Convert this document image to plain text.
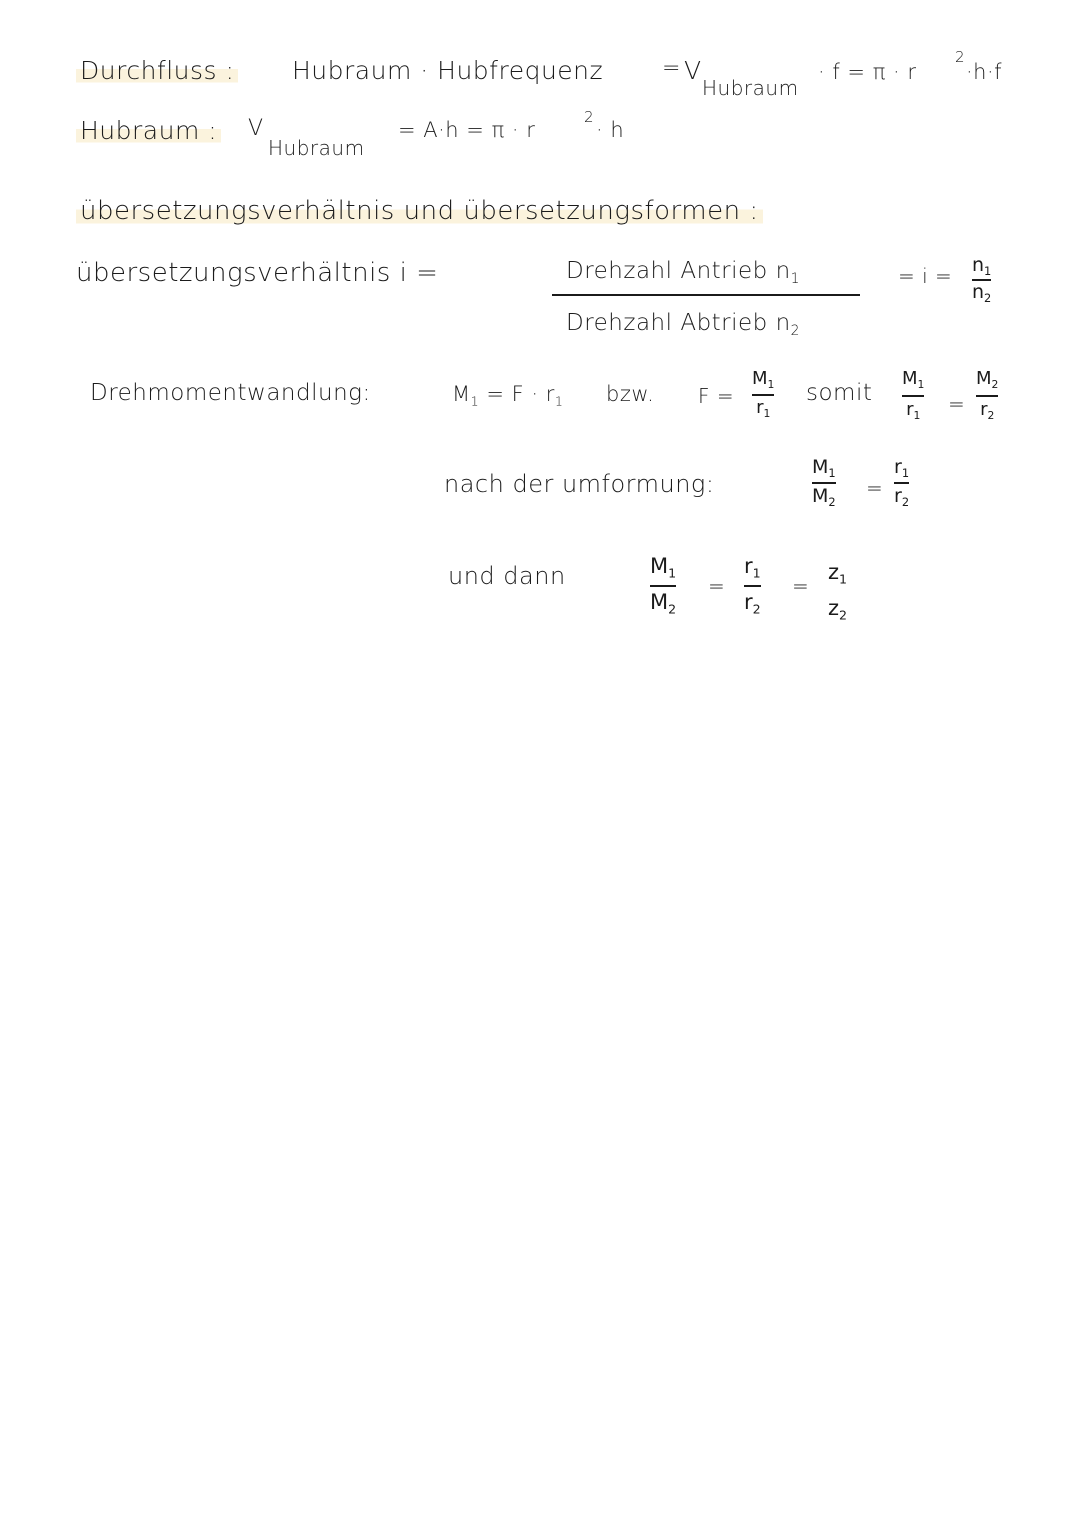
Durchfluss : Hubraum · Hubfrequenz	= V
Hubraum
· f = π · r
2
·h·f
Hubraum : V
Hubraum
= A·h = π · r
2
· h
übersetzungsverhältnis und übersetzungsformen :
übersetzungsverhältnis i =	Drehzahl Antrieb $n_1$
Drehzahl Abtrieb $n_2$
= $i = n_1$
$n_2$
Drehmomentwandlung:	$M_1 = F \cdot r_1$ bzw. F =
$M_1$
$r_1$
somit
$M_1$
$r_1$ =
$M_2$
$r_2$
nach der umformung:
$M_1$
$M_2$
=
$r_1$
$r_2$
und dann	$M_1$
$M_2$
=
$r_1$
$r_2$
=
$z_1$
$z_2$
